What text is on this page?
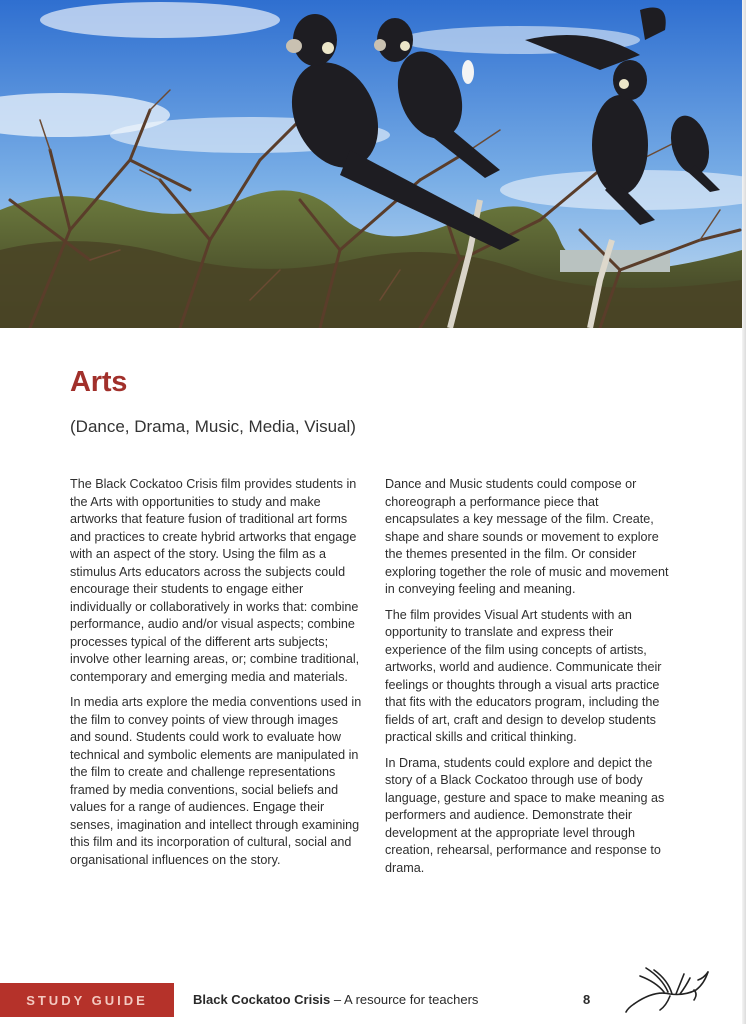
Arts

(Dance, Drama, Music, Media, Visual)

The Black Cockatoo Crisis film provides students in the Arts with opportunities to study and make artworks that feature fusion of traditional art forms and practices to create hybrid artworks that engage with an aspect of the story. Using the film as a stimulus Arts educators across the subjects could encourage their students to engage either individually or collaboratively in works that: combine performance, audio and/or visual aspects; combine processes typical of the different arts subjects; involve other learning areas, or; combine traditional, contemporary and emerging media and materials.

In media arts explore the media conventions used in the film to convey points of view through images and sound. Students could work to evaluate how technical and symbolic elements are manipulated in the film to create and challenge representations framed by media conventions, social beliefs and values for a range of audiences. Engage their senses, imagination and intellect through examining this film and its incorporation of cultural, social and organisational influences on the story.

Dance and Music students could compose or choreograph a performance piece that encapsulates a key message of the film. Create, shape and share sounds or movement to explore the themes presented in the film. Or consider exploring together the role of music and movement in conveying feeling and meaning.

The film provides Visual Art students with an opportunity to translate and express their experience of the film using concepts of artists, artworks, world and audience. Communicate their feelings or thoughts through a visual arts practice that fits with the educators program, including the fields of art, craft and design to develop students practical skills and critical thinking.

In Drama, students could explore and depict the story of a Black Cockatoo through use of body language, gesture and space to make meaning as performers and audience. Demonstrate their development at the appropriate level through creation, rehearsal, performance and response to drama.

STUDY GUIDE	Black Cockatoo Crisis – A resource for teachers	8
